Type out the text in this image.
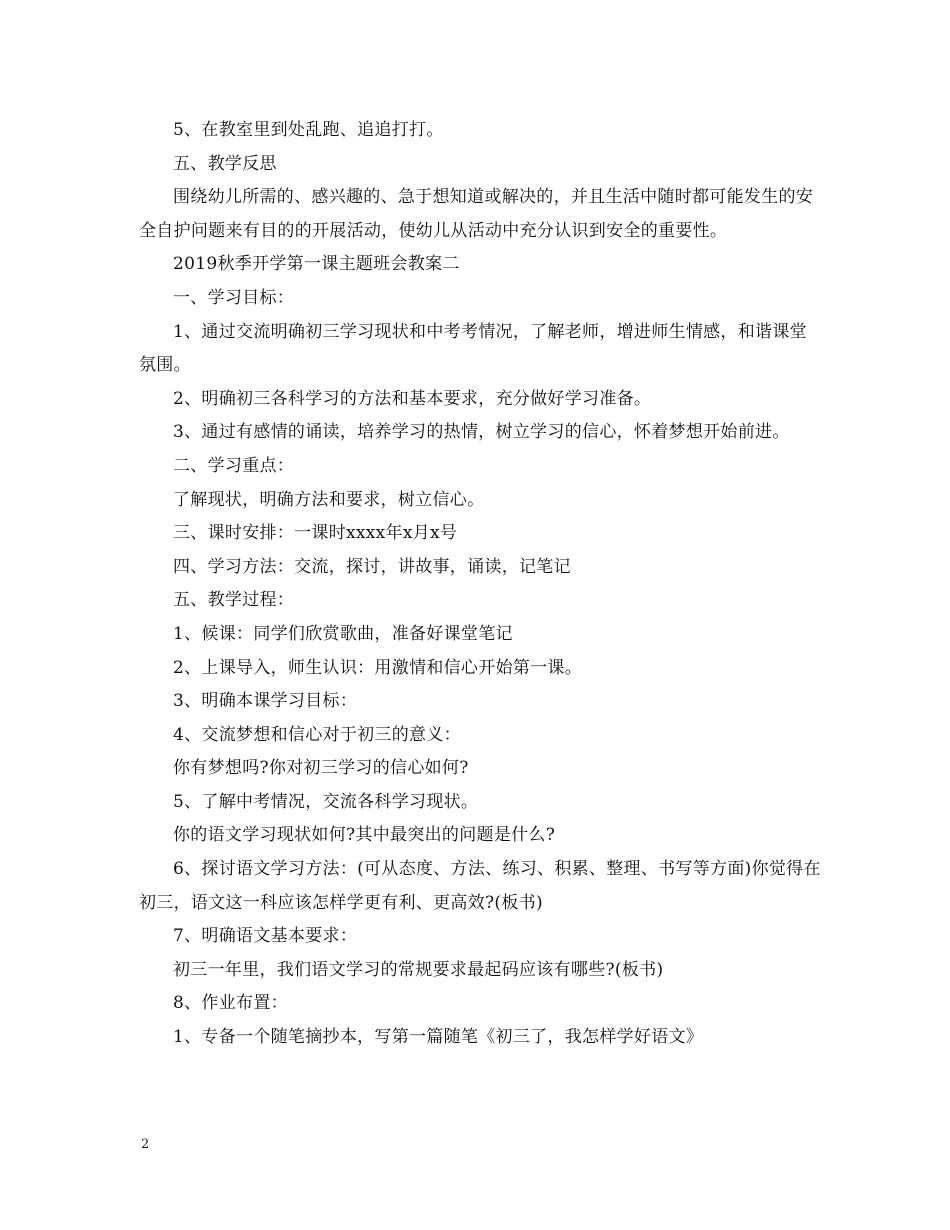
5、在教室里到处乱跑、追追打打。

五、教学反思

围绕幼儿所需的、感兴趣的、急于想知道或解决的，并且生活中随时都可能发生的安全自护问题来有目的的开展活动，使幼儿从活动中充分认识到安全的重要性。

2019秋季开学第一课主题班会教案二

一、学习目标：

1、通过交流明确初三学习现状和中考考情况，了解老师，增进师生情感，和谐课堂氛围。

2、明确初三各科学习的方法和基本要求，充分做好学习准备。

3、通过有感情的诵读，培养学习的热情，树立学习的信心，怀着梦想开始前进。

二、学习重点：

了解现状，明确方法和要求，树立信心。

三、课时安排：一课时xxxx年x月x号

四、学习方法：交流，探讨，讲故事，诵读，记笔记

五、教学过程：

1、候课：同学们欣赏歌曲，准备好课堂笔记

2、上课导入，师生认识：用激情和信心开始第一课。

3、明确本课学习目标：

4、交流梦想和信心对于初三的意义：

你有梦想吗?你对初三学习的信心如何?

5、了解中考情况，交流各科学习现状。

你的语文学习现状如何?其中最突出的问题是什么?

6、探讨语文学习方法：(可从态度、方法、练习、积累、整理、书写等方面)你觉得在初三，语文这一科应该怎样学更有利、更高效?(板书)

7、明确语文基本要求：

初三一年里，我们语文学习的常规要求最起码应该有哪些?(板书)

8、作业布置：

1、专备一个随笔摘抄本，写第一篇随笔《初三了，我怎样学好语文》

2
